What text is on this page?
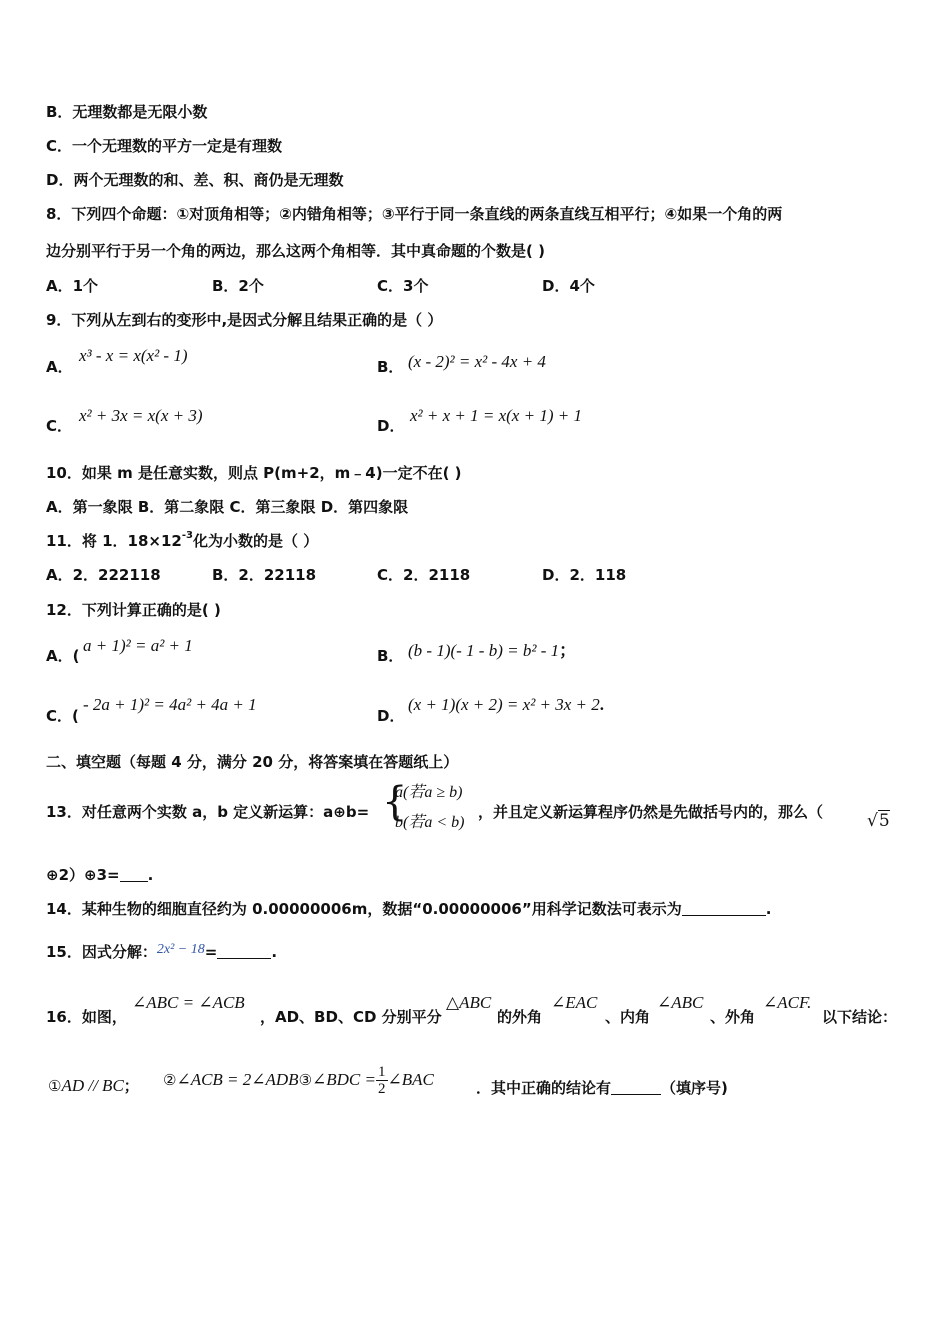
B．无理数都是无限小数
C．一个无理数的平方一定是有理数
D．两个无理数的和、差、积、商仍是无理数
8．下列四个命题：①对顶角相等；②内错角相等；③平行于同一条直线的两条直线互相平行；④如果一个角的两
边分别平行于另一个角的两边，那么这两个角相等．其中真命题的个数是( )
A．1个	B．2个	C．3个	D．4个
9．下列从左到右的变形中,是因式分解且结果正确的是（ ）
A．
x³ - x = x(x² - 1)
B． (x - 2)² = x² - 4x + 4
C．
x² + 3x = x(x + 3)
D．
x² + x + 1 = x(x + 1) + 1
10．如果 m 是任意实数，则点 P(m+2，m﹣4)一定不在( )
A．第一象限 B．第二象限 C．第三象限 D．第四象限
11．将 1．$18\times 12^{-3}$化为小数的是（ ）
A．2．222118	B．2．22118	C．2．2118	D．2．118
12．下列计算正确的是( )
A．(
a + 1)² = a² + 1
B． (b - 1)(- 1 - b) = b² - 1；
C．(
- 2a + 1)² = 4a² + 4a + 1
D．
(x + 1)(x + 2) = x² + 3x + 2.
二、填空题（每题 4 分，满分 20 分，将答案填在答题纸上）
13．对任意两个实数 a，b 定义新运算：a⊕b= {
a(若a ≥ b)
b(若a < b)
，并且定义新运算程序仍然是先做括号内的，那么（	√5
⊕2）⊕3= .
14．某种生物的细胞直径约为 0.00000006m，数据“0.00000006”用科学记数法可表示为	.
15．因式分解：2x² − 18=	.
16．如图，
∠ABC = ∠ACB
，AD、BD、CD 分别平分
△ABC
的外角
∠EAC
、内角
∠ABC
、外角
∠ACF.
以下结论：
①AD // BC； ②∠ACB = 2∠ADB③∠BDC = $\frac{1}{2}$ ∠BAC	．其中正确的结论有	（填序号)
